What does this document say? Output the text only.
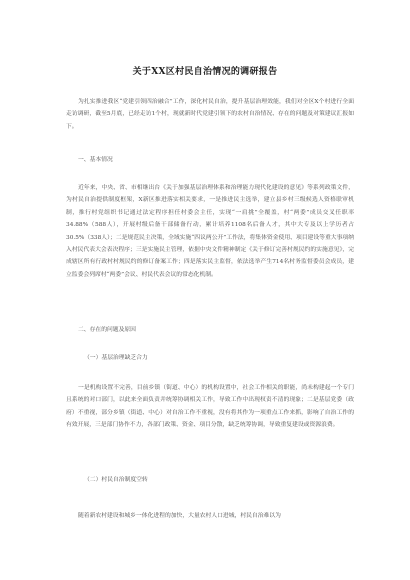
关于XX区村民自治情况的调研报告

为扎实推进我区“党建引领四治融合”工作，深化村民自治，提升基层治理效能，我们对全区X个村进行全面走访调研，截至5月底，已经走访1个村，现就新时代党建引领下的农村自治情况、存在的问题及对策建议汇报如下。

一、基本情况

近年来，中央、省、市相继出台《关于加强基层治理体系和治理能力现代化建设的意见》等系列政策文件，为村民自治提供制度框架，X新区推进落实相关要求，一是推进民主选举，建立县乡村三级候选人资格联审机制，推行村党组织书记通过法定程序担任村委会主任，实现“一肩挑”全覆盖，村“两委”成员交叉任职率34.88%（588人），开展村级后备干部储备行动，累计培养1108名后备人才，其中大专及以上学历者占30.5%（338人）；二是规范民主决策，全域实施“四议两公开”工作法，将集体资金使用、项目建设等重大事项纳入村民代表大会表决程序；三是实施民主管理，依据中央文件精神制定《关于修订完善村规民约的实施意见》，完成辖区所有行政村村规民约的修订备案工作；四是落实民主监督，依法选举产生714名村务监督委员会成员，建立监委会列席村“两委”会议、村民代表会议的常态化机制。

二、存在的问题及原因
（一）基层治理缺乏合力

一是机构设置不完善，目前乡镇（街道、中心）的机构设置中，社会工作相关的职能，尚未构建起一个专门且系统的对口部门，以此来全面负责并统筹协调相关工作，导致工作中出现权责不清的现象；二是基层党委（政府）不重视，部分乡镇（街道、中心）对自治工作不重视，没有将其作为一项重点工作来抓，影响了自治工作的有效开展，三是部门协作不力，各部门政策、资金、项目分散，缺乏统筹协调，导致重复建设或资源浪费。

（二）村民自治制度空转

随着新农村建设和城乡一体化进程的加快，大量农村人口进城，村民自治难以为
